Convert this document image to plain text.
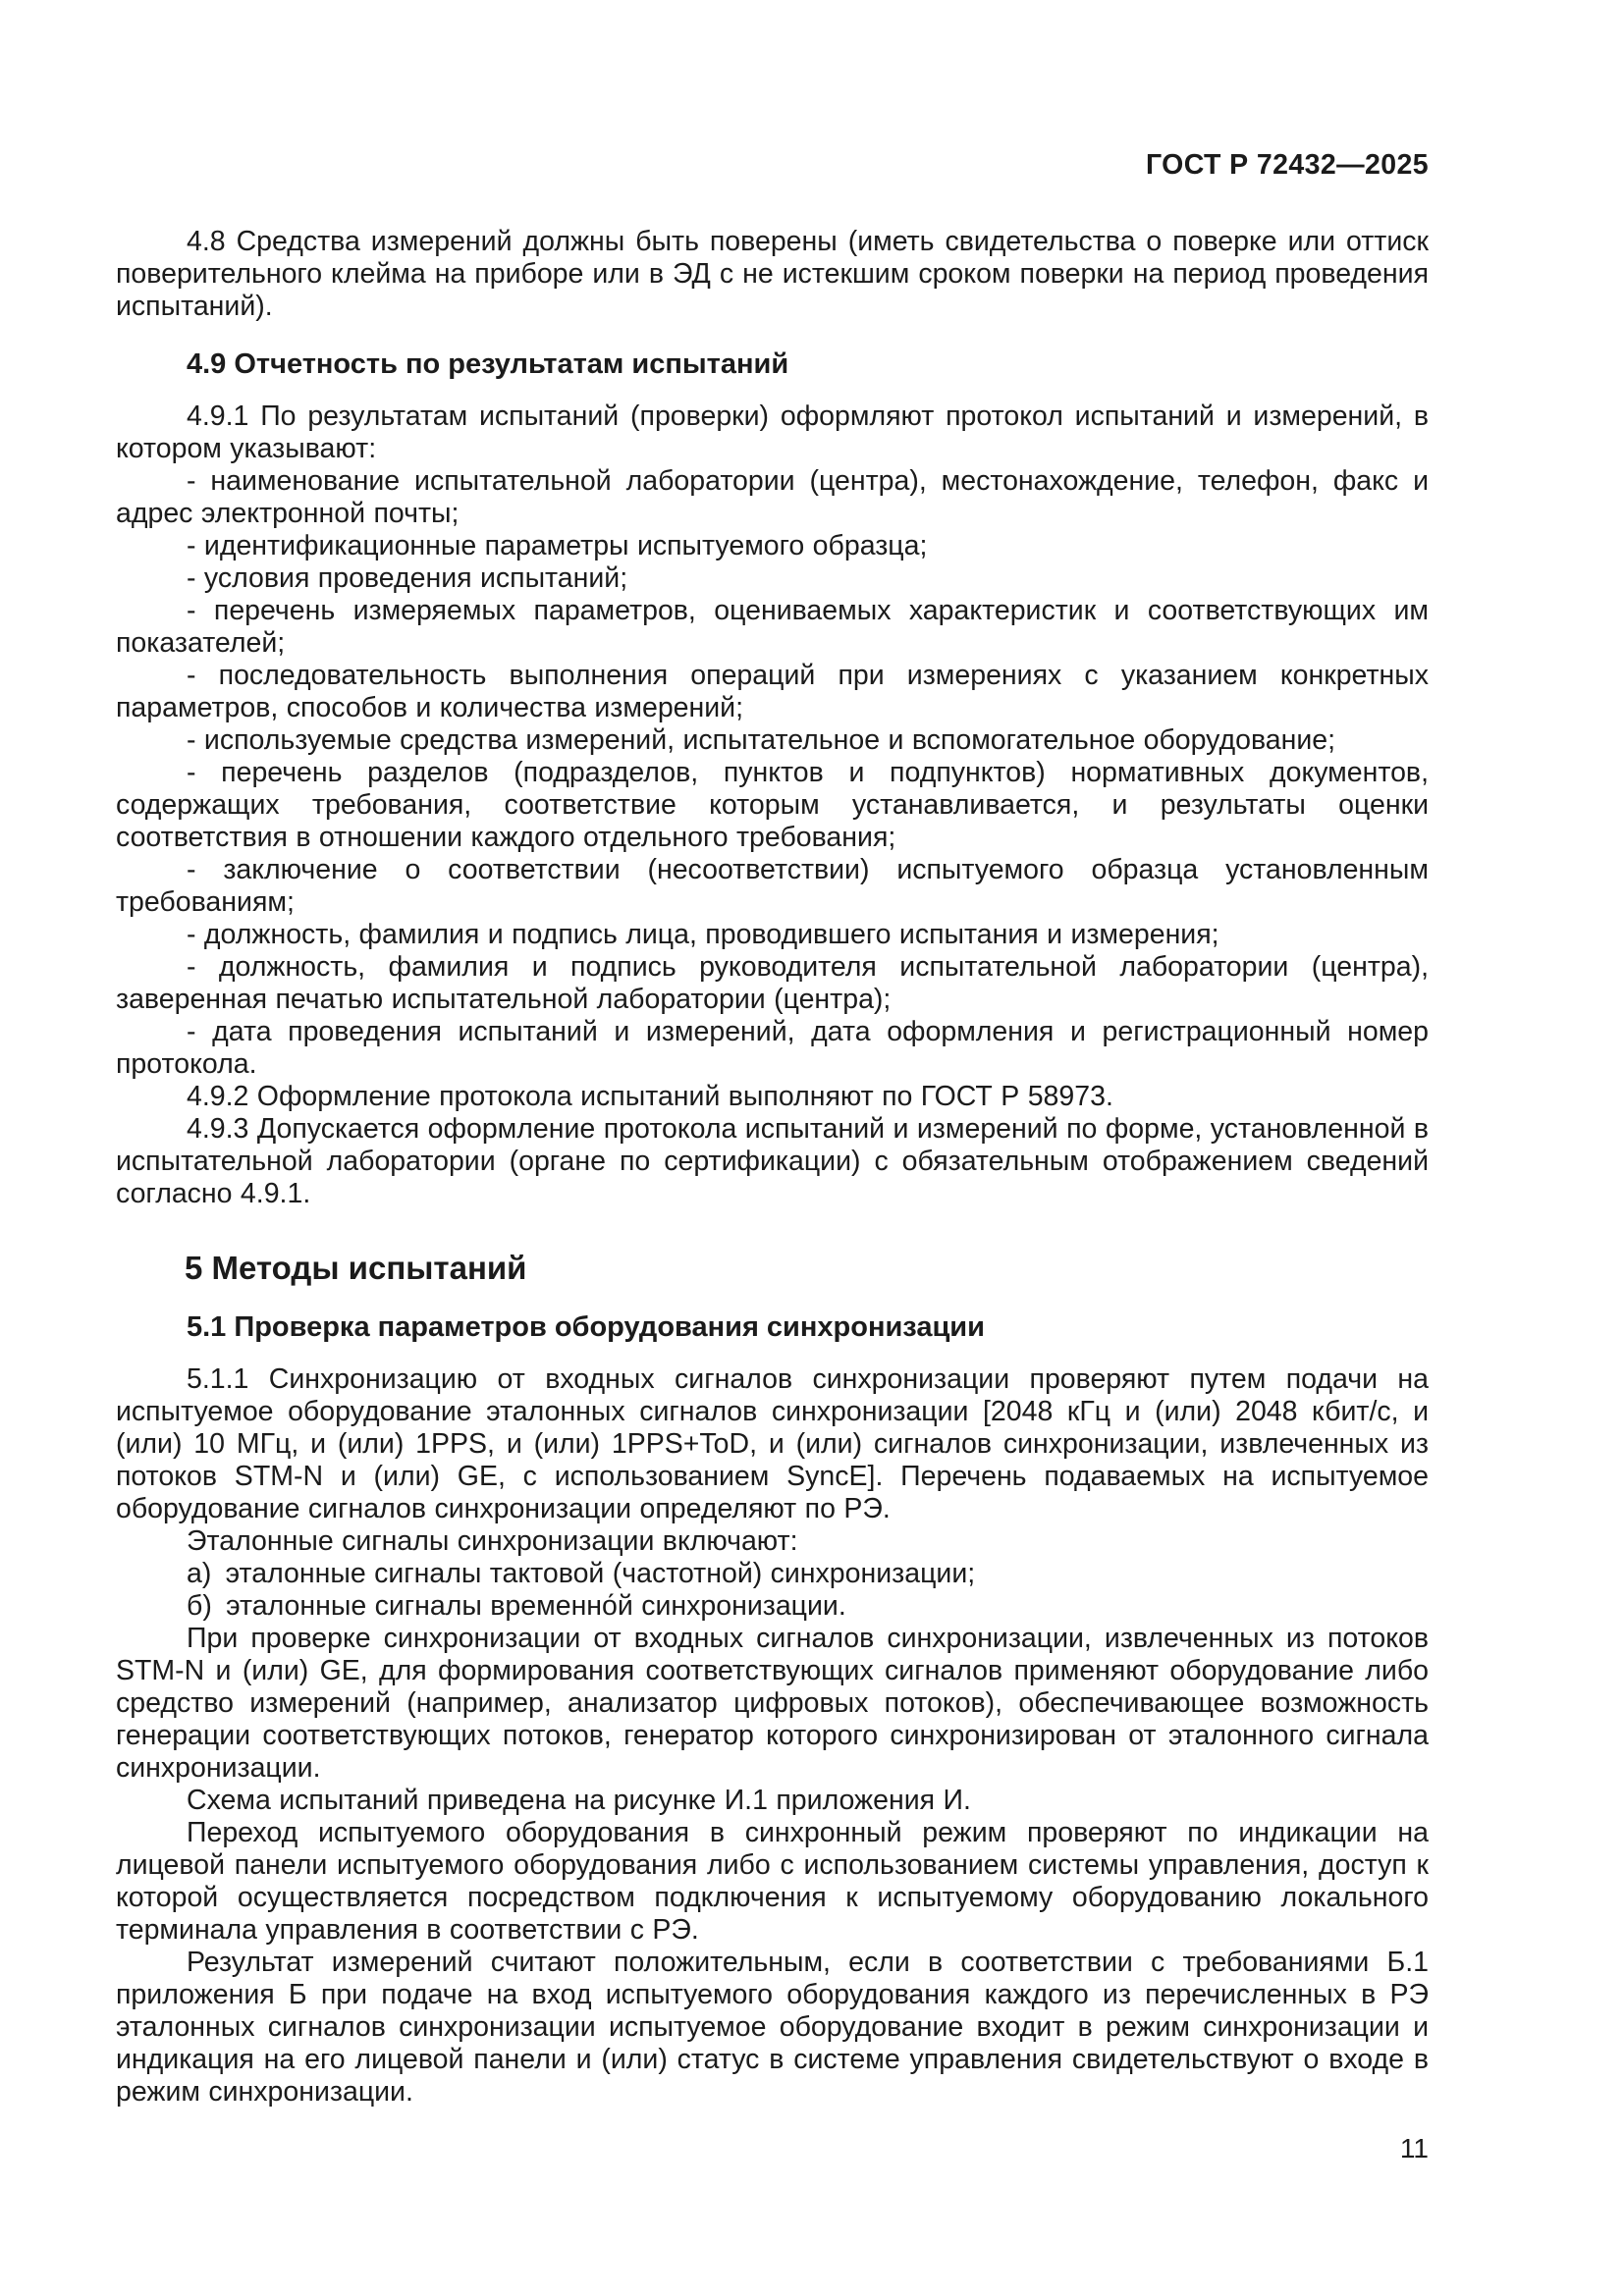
ГОСТ Р 72432—2025

4.8 Средства измерений должны быть поверены (иметь свидетельства о поверке или оттиск поверительного клейма на приборе или в ЭД с не истекшим сроком поверки на период проведения испытаний).

4.9 Отчетность по результатам испытаний

4.9.1 По результатам испытаний (проверки) оформляют протокол испытаний и измерений, в котором указывают:

- наименование испытательной лаборатории (центра), местонахождение, телефон, факс и адрес электронной почты;

- идентификационные параметры испытуемого образца;

- условия проведения испытаний;

- перечень измеряемых параметров, оцениваемых характеристик и соответствующих им показателей;

- последовательность выполнения операций при измерениях с указанием конкретных параметров, способов и количества измерений;

- используемые средства измерений, испытательное и вспомогательное оборудование;

- перечень разделов (подразделов, пунктов и подпунктов) нормативных документов, содержащих требования, соответствие которым устанавливается, и результаты оценки соответствия в отношении каждого отдельного требования;

- заключение о соответствии (несоответствии) испытуемого образца установленным требованиям;

- должность, фамилия и подпись лица, проводившего испытания и измерения;

- должность, фамилия и подпись руководителя испытательной лаборатории (центра), заверенная печатью испытательной лаборатории (центра);

- дата проведения испытаний и измерений, дата оформления и регистрационный номер протокола.

4.9.2 Оформление протокола испытаний выполняют по ГОСТ Р 58973.

4.9.3 Допускается оформление протокола испытаний и измерений по форме, установленной в испытательной лаборатории (органе по сертификации) с обязательным отображением сведений согласно 4.9.1.

5 Методы испытаний
5.1 Проверка параметров оборудования синхронизации

5.1.1 Синхронизацию от входных сигналов синхронизации проверяют путем подачи на испытуемое оборудование эталонных сигналов синхронизации [2048 кГц и (или) 2048 кбит/с, и (или) 10 МГц, и (или) 1PPS, и (или) 1PPS+ToD, и (или) сигналов синхронизации, извлеченных из потоков STM-N и (или) GE, с использованием SyncE]. Перечень подаваемых на испытуемое оборудование сигналов синхронизации определяют по РЭ.

Эталонные сигналы синхронизации включают:

а) эталонные сигналы тактовой (частотной) синхронизации;

б) эталонные сигналы временно́й синхронизации.

При проверке синхронизации от входных сигналов синхронизации, извлеченных из потоков STM-N и (или) GE, для формирования соответствующих сигналов применяют оборудование либо средство измерений (например, анализатор цифровых потоков), обеспечивающее возможность генерации соответствующих потоков, генератор которого синхронизирован от эталонного сигнала синхронизации.

Схема испытаний приведена на рисунке И.1 приложения И.

Переход испытуемого оборудования в синхронный режим проверяют по индикации на лицевой панели испытуемого оборудования либо с использованием системы управления, доступ к которой осуществляется посредством подключения к испытуемому оборудованию локального терминала управления в соответствии с РЭ.

Результат измерений считают положительным, если в соответствии с требованиями Б.1 приложения Б при подаче на вход испытуемого оборудования каждого из перечисленных в РЭ эталонных сигналов синхронизации испытуемое оборудование входит в режим синхронизации и индикация на его лицевой панели и (или) статус в системе управления свидетельствуют о входе в режим синхронизации.

11
